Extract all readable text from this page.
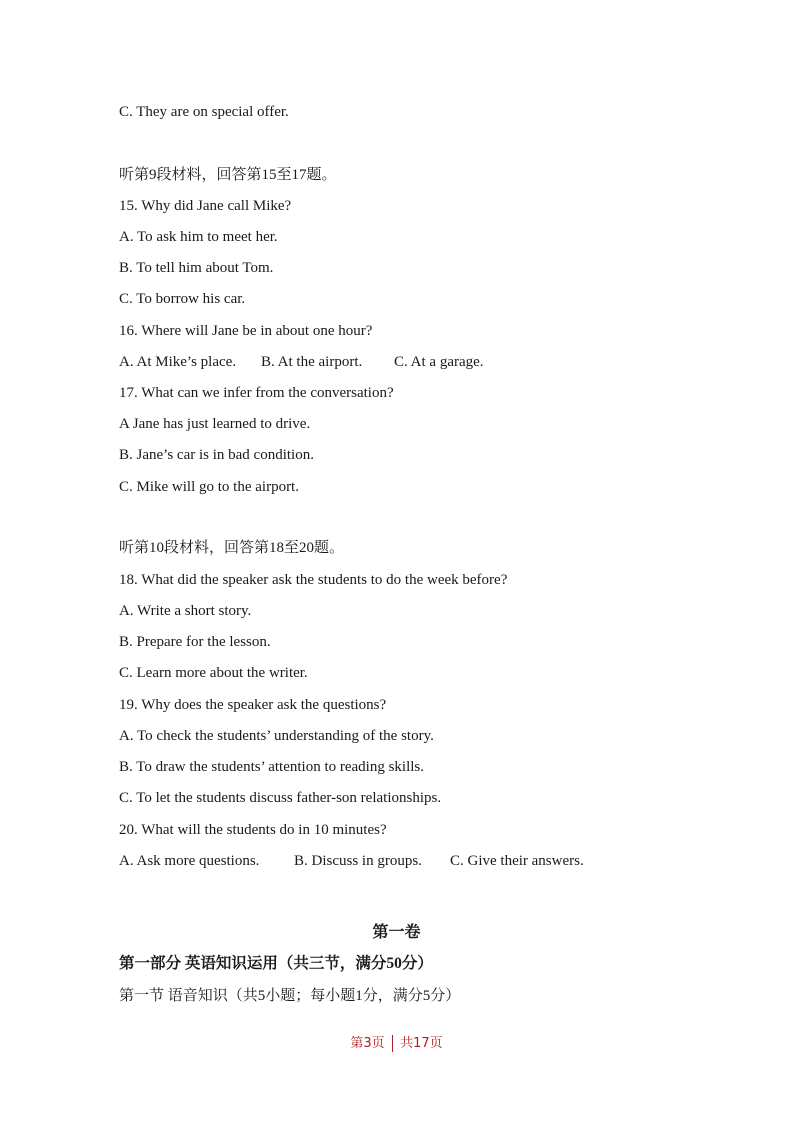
C. They are on special offer.
听第9段材料，回答第15至17题。
15. Why did Jane call Mike?
A. To ask him to meet her.
B. To tell him about Tom.
C. To borrow his car.
16. Where will Jane be in about one hour?
A. At Mike’s place. B. At the airport. C. At a garage.
17. What can we infer from the conversation?
A Jane has just learned to drive.
B. Jane’s car is in bad condition.
C. Mike will go to the airport.
听第10段材料，回答第18至20题。
18. What did the speaker ask the students to do the week before?
A. Write a short story.
B. Prepare for the lesson.
C. Learn more about the writer.
19. Why does the speaker ask the questions?
A. To check the students’ understanding of the story.
B. To draw the students’ attention to reading skills.
C. To let the students discuss father-son relationships.
20. What will the students do in 10 minutes?
A. Ask more questions. B. Discuss in groups. C. Give their answers.
第一卷
第一部分 英语知识运用（共三节，满分50分）
第一节 语音知识（共5小题；每小题1分，满分5分）
第3页 共17页
